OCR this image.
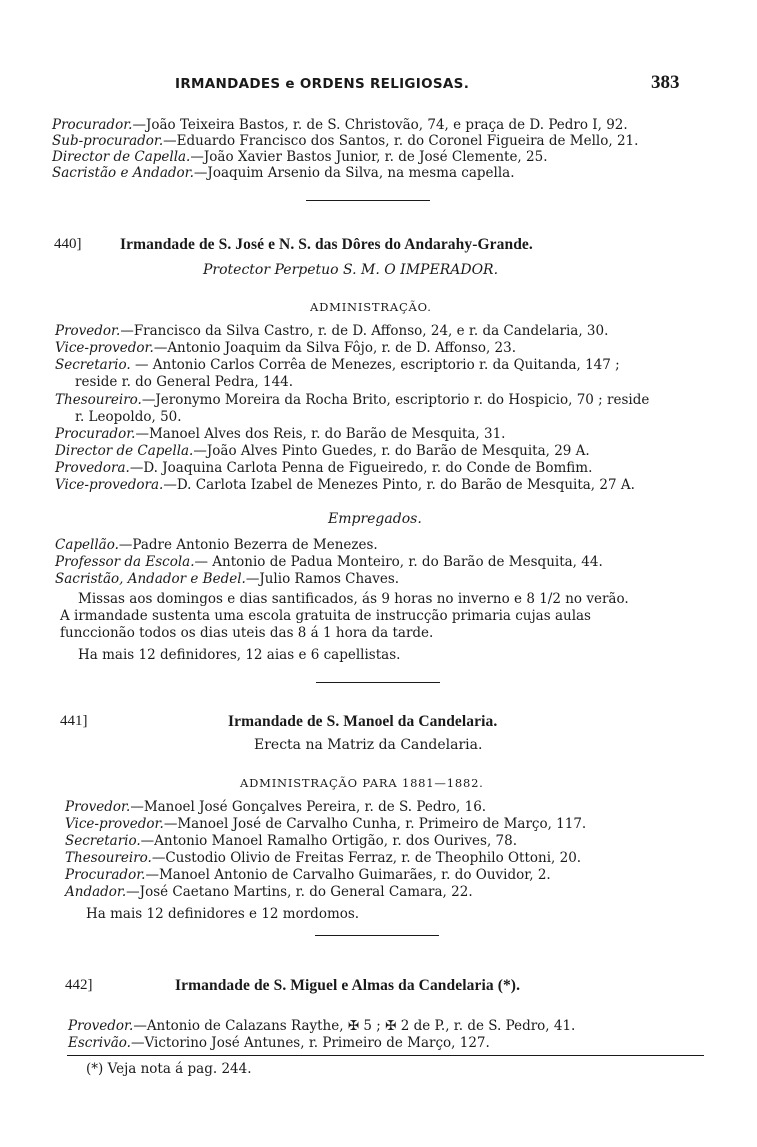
IRMANDADES e ORDENS RELIGIOSAS.	383
Procurador.—João Teixeira Bastos, r. de S. Christovão, 74, e praça de D. Pedro I, 92.
Sub-procurador.—Eduardo Francisco dos Santos, r. do Coronel Figueira de Mello, 21.
Director de Capella.—João Xavier Bastos Junior, r. de José Clemente, 25.
Sacristão e Andador.—Joaquim Arsenio da Silva, na mesma capella.
440] Irmandade de S. José e N. S. das Dôres do Andarahy-Grande.
Protector Perpetuo S. M. O IMPERADOR.
ADMINISTRAÇÃO.
Provedor.—Francisco da Silva Castro, r. de D. Affonso, 24, e r. da Candelaria, 30.
Vice-provedor.—Antonio Joaquim da Silva Fôjo, r. de D. Affonso, 23.
Secretario. — Antonio Carlos Corrêa de Menezes, escriptorio r. da Quitanda, 147 ;
reside r. do General Pedra, 144.
Thesoureiro.—Jeronymo Moreira da Rocha Brito, escriptorio r. do Hospicio, 70 ; reside
r. Leopoldo, 50.
Procurador.—Manoel Alves dos Reis, r. do Barão de Mesquita, 31.
Director de Capella.—João Alves Pinto Guedes, r. do Barão de Mesquita, 29 A.
Provedora.—D. Joaquina Carlota Penna de Figueiredo, r. do Conde de Bomfim.
Vice-provedora.—D. Carlota Izabel de Menezes Pinto, r. do Barão de Mesquita, 27 A.
Empregados.
Capellão.—Padre Antonio Bezerra de Menezes.
Professor da Escola.— Antonio de Padua Monteiro, r. do Barão de Mesquita, 44.
Sacristão, Andador e Bedel.—Julio Ramos Chaves.
Missas aos domingos e dias santificados, ás 9 horas no inverno e 8 1/2 no verão.
A irmandade sustenta uma escola gratuita de instrucção primaria cujas aulas
funccionão todos os dias uteis das 8 á 1 hora da tarde.
Ha mais 12 definidores, 12 aias e 6 capellistas.
441]	Irmandade de S. Manoel da Candelaria.
Erecta na Matriz da Candelaria.
ADMINISTRAÇÃO PARA 1881—1882.
Provedor.—Manoel José Gonçalves Pereira, r. de S. Pedro, 16.
Vice-provedor.—Manoel José de Carvalho Cunha, r. Primeiro de Março, 117.
Secretario.—Antonio Manoel Ramalho Ortigão, r. dos Ourives, 78.
Thesoureiro.—Custodio Olivio de Freitas Ferraz, r. de Theophilo Ottoni, 20.
Procurador.—Manoel Antonio de Carvalho Guimarães, r. do Ouvidor, 2.
Andador.—José Caetano Martins, r. do General Camara, 22.
Ha mais 12 definidores e 12 mordomos.
442]	Irmandade de S. Miguel e Almas da Candelaria (*).
Provedor.—Antonio de Calazans Raythe, ✠ 5 ; ✠ 2 de P., r. de S. Pedro, 41.
Escrivão.—Victorino José Antunes, r. Primeiro de Março, 127.
(*) Veja nota á pag. 244.
